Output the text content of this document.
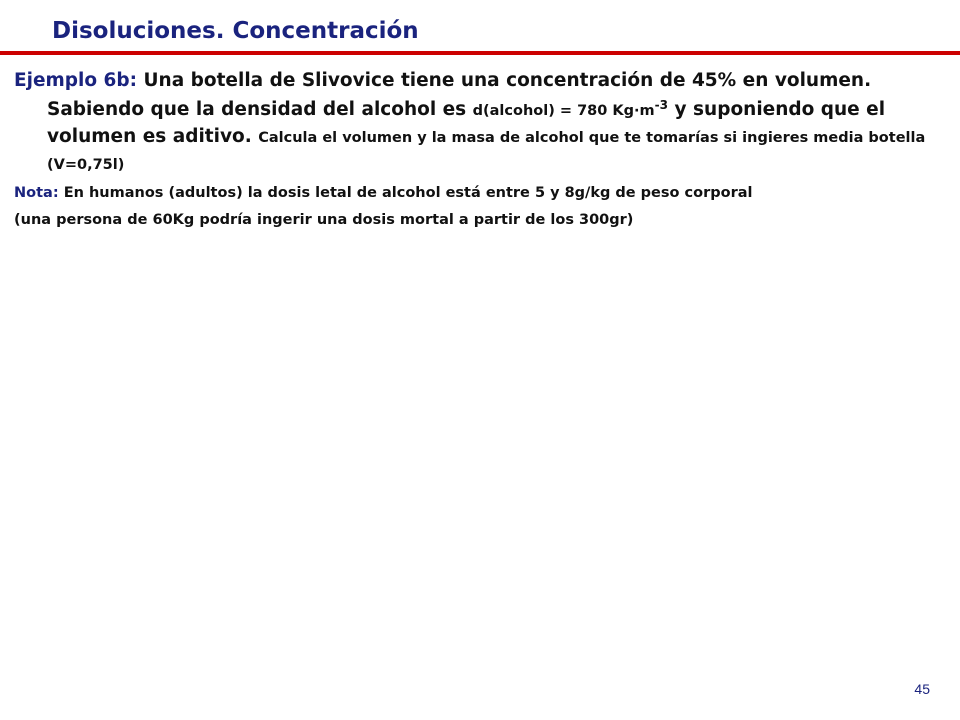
Disoluciones. Concentración
Ejemplo 6b: Una botella de Slivovice tiene una concentración de 45% en volumen. Sabiendo que la densidad del alcohol es d(alcohol) = 780 $Kg\cdot m^{-3}$ y suponiendo que el volumen es aditivo. Calcula el volumen y la masa de alcohol que te tomarías si ingieres media botella (V=0,75l)
Nota: En humanos (adultos) la dosis letal de alcohol está entre 5 y 8g/kg de peso corporal
(una persona de 60Kg podría ingerir una dosis mortal a partir de los 300gr)
45
